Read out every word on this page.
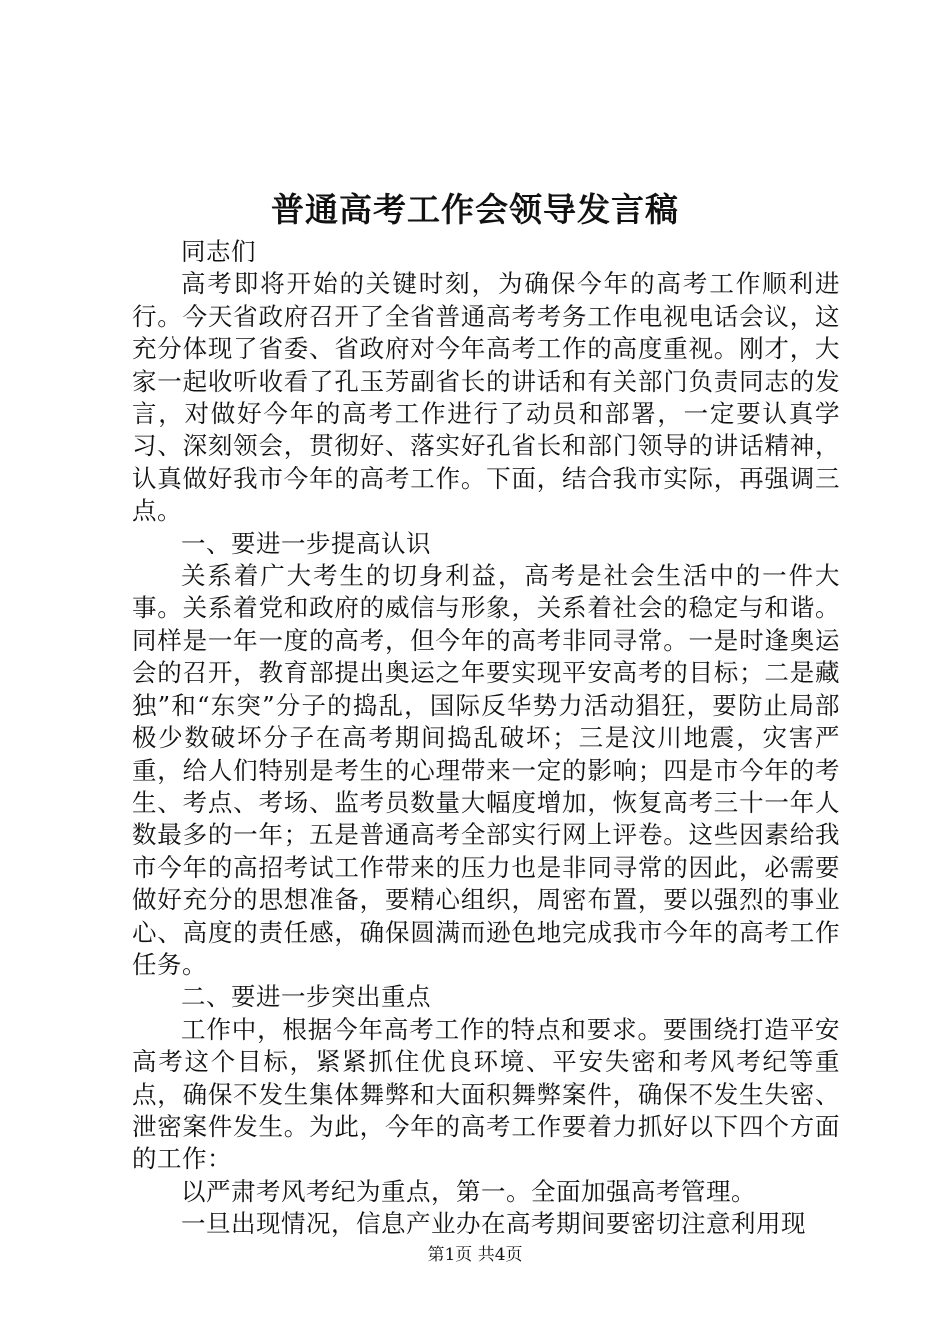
普通高考工作会领导发言稿

同志们

高考即将开始的关键时刻，为确保今年的高考工作顺利进行。今天省政府召开了全省普通高考考务工作电视电话会议，这充分体现了省委、省政府对今年高考工作的高度重视。刚才，大家一起收听收看了孔玉芳副省长的讲话和有关部门负责同志的发言，对做好今年的高考工作进行了动员和部署，一定要认真学习、深刻领会，贯彻好、落实好孔省长和部门领导的讲话精神，认真做好我市今年的高考工作。下面，结合我市实际，再强调三点。

一、要进一步提高认识

关系着广大考生的切身利益，高考是社会生活中的一件大事。关系着党和政府的威信与形象，关系着社会的稳定与和谐。同样是一年一度的高考，但今年的高考非同寻常。一是时逢奥运会的召开，教育部提出奥运之年要实现平安高考的目标；二是藏独”和“东突”分子的捣乱，国际反华势力活动猖狂，要防止局部极少数破坏分子在高考期间捣乱破坏；三是汶川地震，灾害严重，给人们特别是考生的心理带来一定的影响；四是市今年的考生、考点、考场、监考员数量大幅度增加，恢复高考三十一年人数最多的一年；五是普通高考全部实行网上评卷。这些因素给我市今年的高招考试工作带来的压力也是非同寻常的因此，必需要做好充分的思想准备，要精心组织，周密布置，要以强烈的事业心、高度的责任感，确保圆满而逊色地完成我市今年的高考工作任务。

二、要进一步突出重点

工作中，根据今年高考工作的特点和要求。要围绕打造平安高考这个目标，紧紧抓住优良环境、平安失密和考风考纪等重点，确保不发生集体舞弊和大面积舞弊案件，确保不发生失密、泄密案件发生。为此，今年的高考工作要着力抓好以下四个方面的工作：

以严肃考风考纪为重点，第一。全面加强高考管理。

一旦出现情况，信息产业办在高考期间要密切注意利用现

第1页 共4页
